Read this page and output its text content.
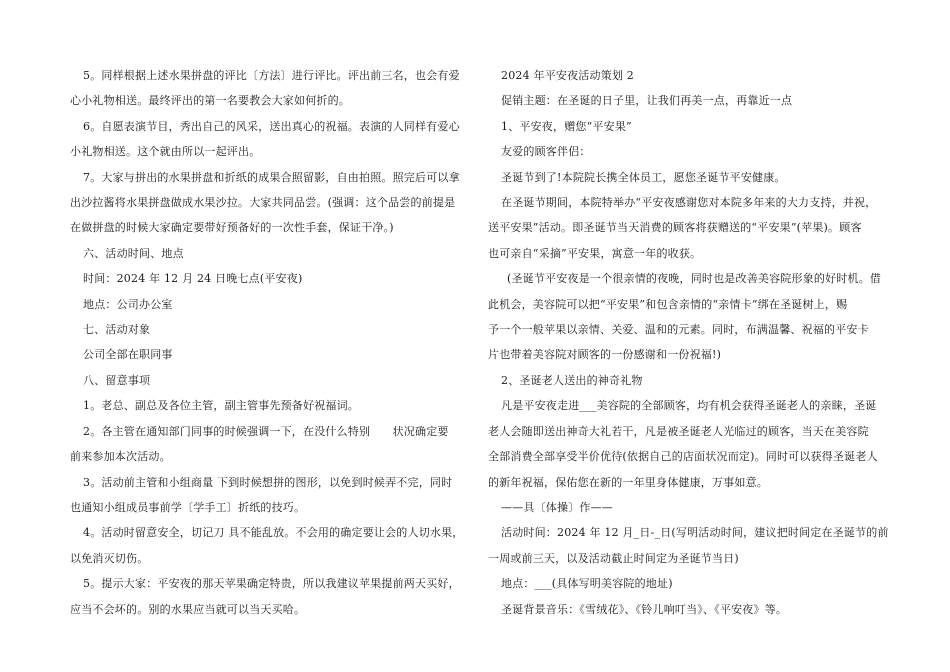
5。同样根据上述水果拼盘的评比〔方法〕进行评比。评出前三名，也会有爱
心小礼物相送。最终评出的第一名要教会大家如何折的。
6。自愿表演节目，秀出自己的风采，送出真心的祝福。表演的人同样有爱心
小礼物相送。这个就由所以一起评出。
7。大家与拼出的水果拼盘和折纸的成果合照留影，自由拍照。照完后可以拿
出沙拉酱将水果拼盘做成水果沙拉。大家共同品尝。(强调：这个品尝的前提是
在做拼盘的时候大家确定要带好预备好的一次性手套，保证干净。)
六、活动时间、地点
时间：2024 年 12 月 24 日晚七点(平安夜)
地点：公司办公室
七、活动对象
公司全部在职同事
八、留意事项
1。老总、副总及各位主管，副主管事先预备好祝福词。
2。各主管在通知部门同事的时候强调一下，在没什么特别　　状况确定要
前来参加本次活动。
3。活动前主管和小组商量 下到时候想拼的图形，以免到时候弄不完，同时
也通知小组成员事前学〔学手工〕折纸的技巧。
4。活动时留意安全，切记刀 具不能乱放。不会用的确定要让会的人切水果，
以免消灭切伤。
5。提示大家：平安夜的那天苹果确定特贵，所以我建议苹果提前两天买好，
应当不会坏的。别的水果应当就可以当天买哈。
2024 年平安夜活动策划 2
促销主题：在圣诞的日子里，让我们再美一点，再靠近一点
1、平安夜，赠您“平安果”
友爱的顾客伴侣：
圣诞节到了!本院院长携全体员工，愿您圣诞节平安健康。
在圣诞节期间，本院特举办“平安夜感谢您对本院多年来的大力支持，并祝，
送平安果”活动。即圣诞节当天消费的顾客将获赠送的“平安果”(苹果)。顾客
也可亲自“采摘”平安果，寓意一年的收获。
(圣诞节平安夜是一个很亲情的夜晚，同时也是改善美容院形象的好时机。借
此机会，美容院可以把“平安果”和包含亲情的“亲情卡”绑在圣诞树上，赐
予一个一般苹果以亲情、关爱、温和的元素。同时，布满温馨、祝福的平安卡
片也带着美容院对顾客的一份感谢和一份祝福!)
2、圣诞老人送出的神奇礼物
凡是平安夜走进___美容院的全部顾客，均有机会获得圣诞老人的亲睐，圣诞
老人会随即送出神奇大礼若干，凡是被圣诞老人光临过的顾客，当天在美容院
全部消费全部享受半价优待(依据自己的店面状况而定)。同时可以获得圣诞老人
的新年祝福，保佑您在新的一年里身体健康，万事如意。
——具〔体操〕作——
活动时间：2024 年 12 月_日-_日(写明活动时间，建议把时间定在圣诞节的前
一周或前三天，以及活动截止时间定为圣诞节当日)
地点：___(具体写明美容院的地址)
圣诞背景音乐：《雪绒花》、《铃儿响叮当》、《平安夜》等。
